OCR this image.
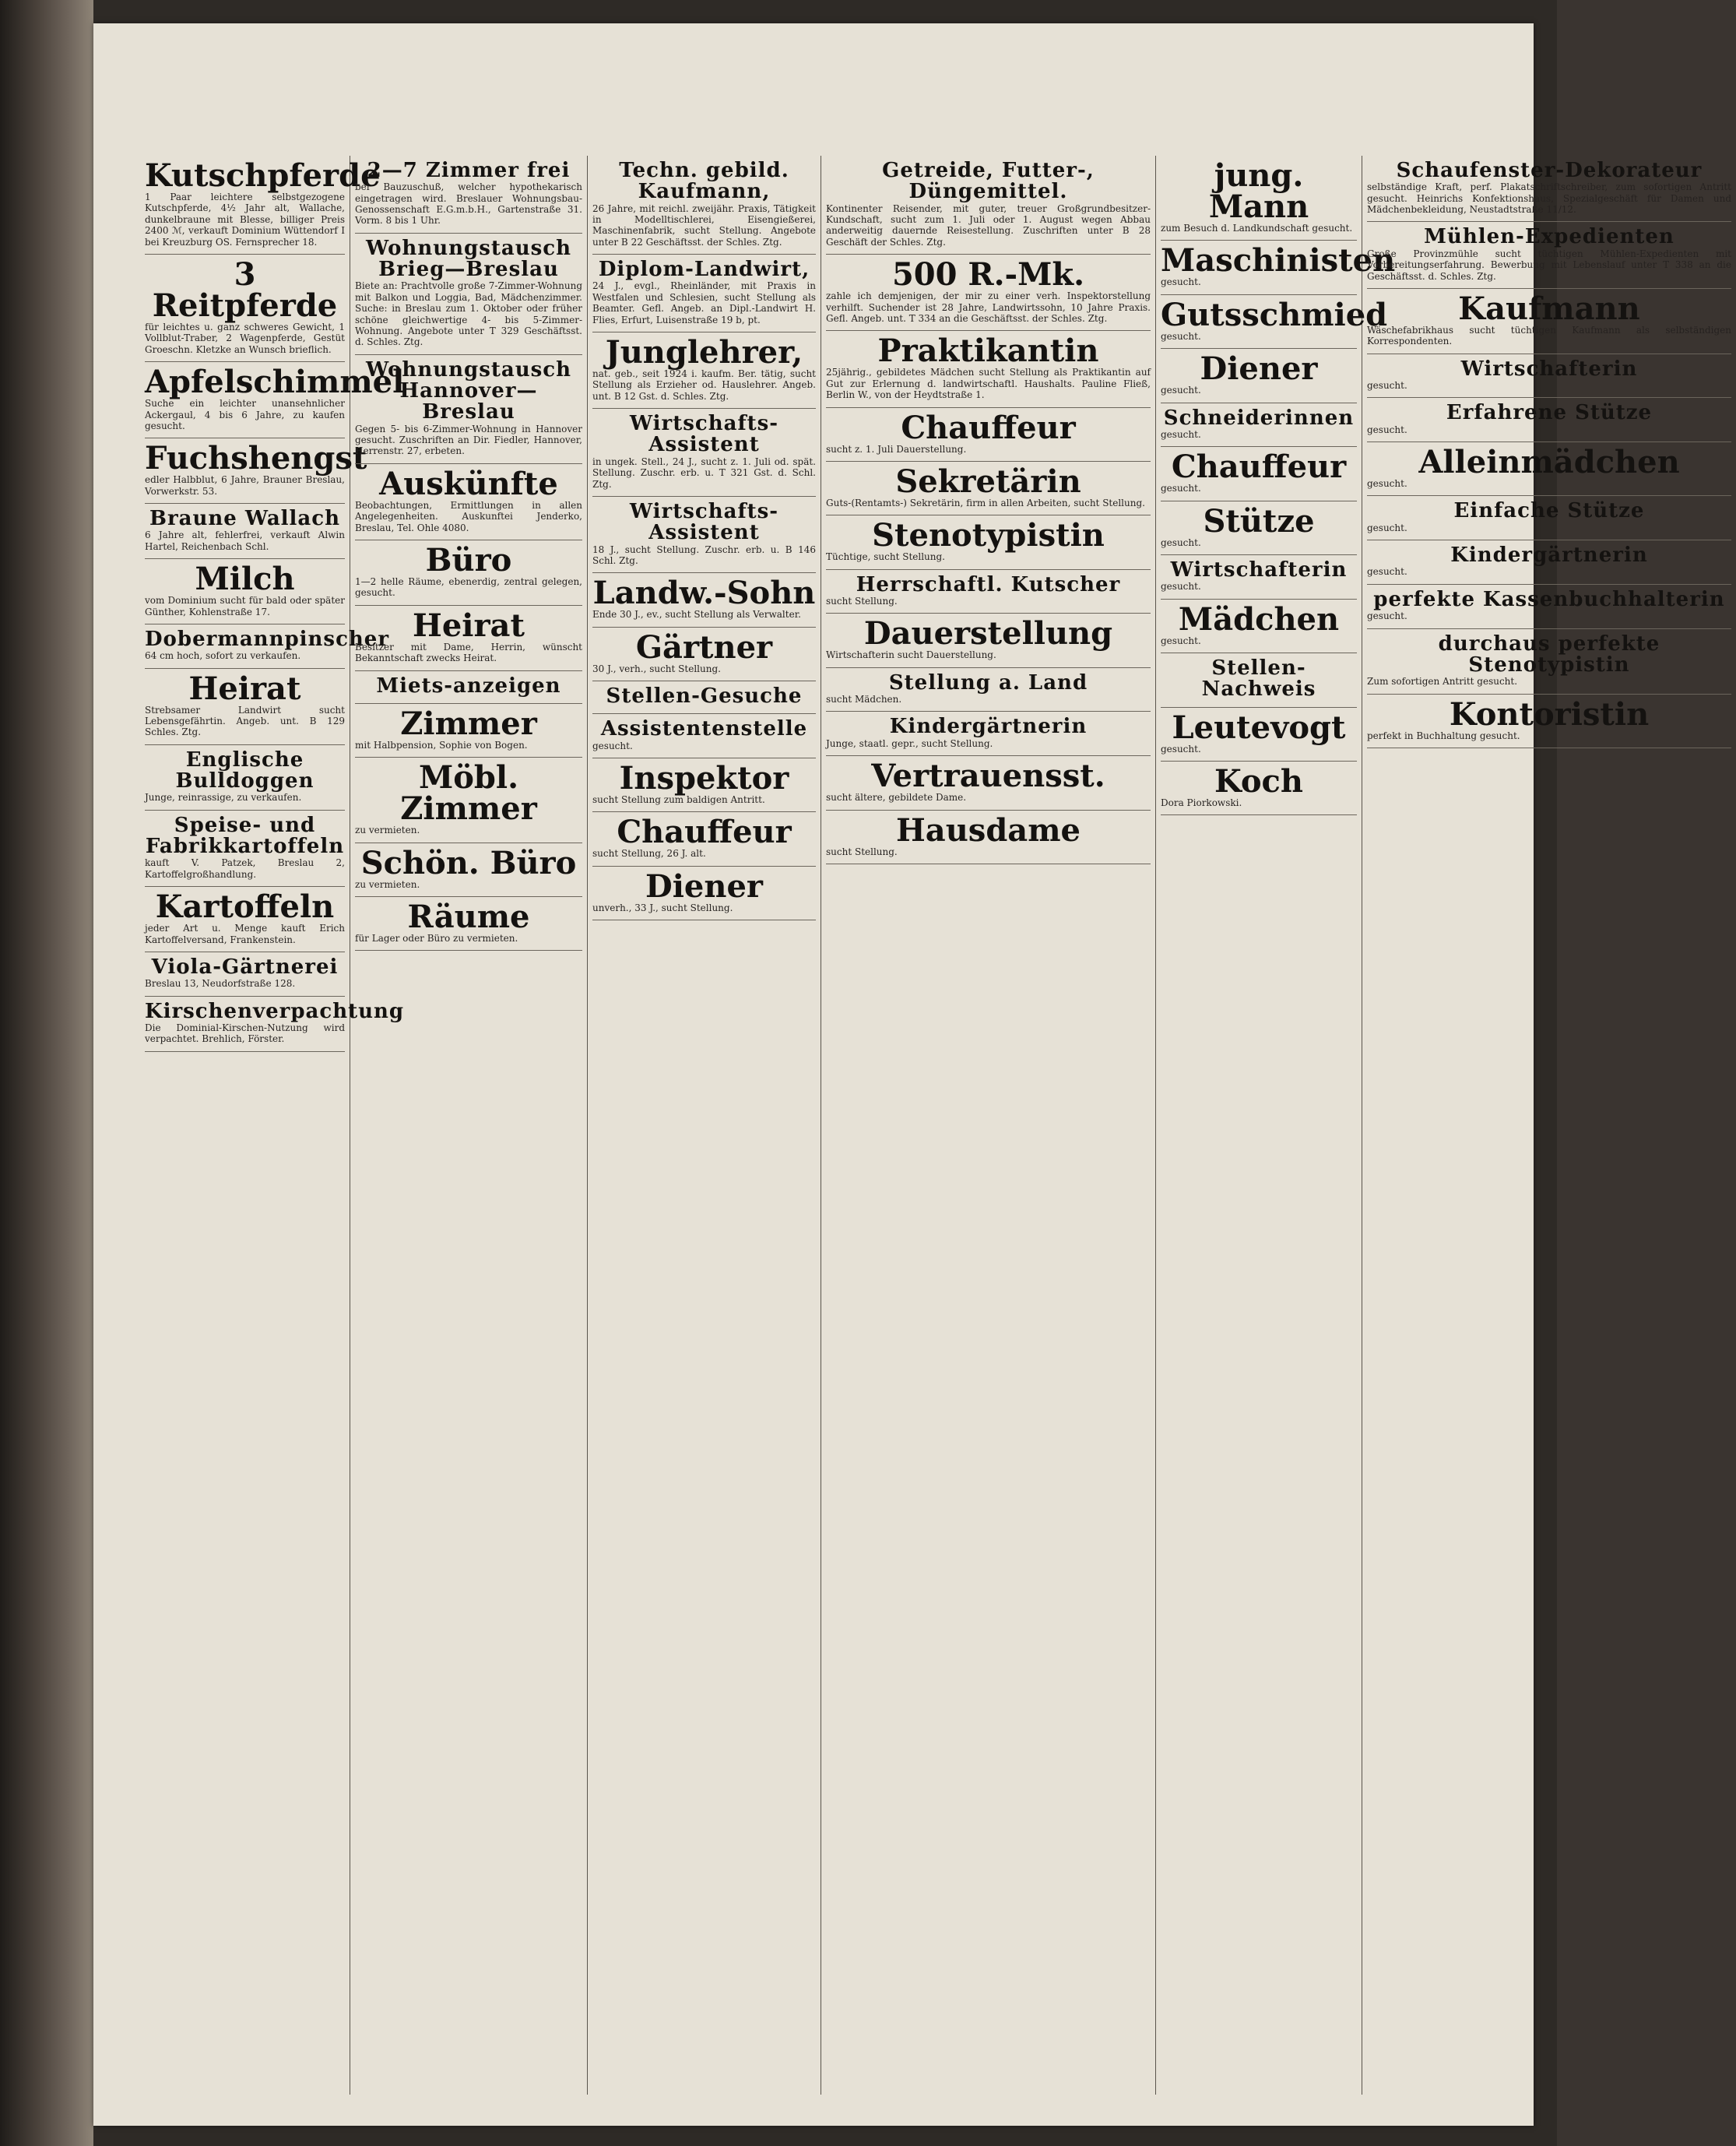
Kutschpferde
1 Paar leichtere selbstgezogene Kutschpferde, 4½ Jahr alt, Wallache, dunkelbraune mit Blesse, billiger Preis 2400 ℳ, verkauft Dominium Wüttendorf I bei Kreuzburg OS. Fernsprecher 18.
3 Reitpferde
für leichtes u. ganz schweres Gewicht, 1 Vollblut-Traber, 2 Wagenpferde, Gestüt Groeschn. Kletzke an Wunsch brieflich.
Apfelschimmel
Suche ein leichter unansehnlicher Ackergaul, 4 bis 6 Jahre, zu kaufen gesucht.
Fuchshengst
edler Halbblut, 6 Jahre, Brauner Breslau, Vorwerkstr. 53.
Braune Wallach
6 Jahre alt, fehlerfrei, verkauft Alwin Hartel, Reichenbach Schl.
Milch
vom Dominium sucht für bald oder später Günther, Kohlenstraße 17.
Dobermannpinscher
64 cm hoch, sofort zu verkaufen.
Heirat
Strebsamer Landwirt sucht Lebensgefährtin. Angeb. unt. B 129 Schles. Ztg.
Englische Bulldoggen
Junge, reinrassige, zu verkaufen.
Speise- und Fabrikkartoffeln
kauft V. Patzek, Breslau 2, Kartoffelgroßhandlung.
Kartoffeln
jeder Art u. Menge kauft Erich Kartoffelversand, Frankenstein.
Viola-Gärtnerei
Breslau 13, Neudorfstraße 128.
Kirschenverpachtung
Die Dominial-Kirschen-Nutzung wird verpachtet. Brehlich, Förster.
2—7 Zimmer frei
bei Bauzuschuß, welcher hypothekarisch eingetragen wird. Breslauer Wohnungsbau-Genossenschaft E.G.m.b.H., Gartenstraße 31. Vorm. 8 bis 1 Uhr.
Wohnungstausch Brieg—Breslau
Biete an: Prachtvolle große 7-Zimmer-Wohnung mit Balkon und Loggia, Bad, Mädchenzimmer. Suche: in Breslau zum 1. Oktober oder früher schöne gleichwertige 4- bis 5-Zimmer-Wohnung. Angebote unter T 329 Geschäftsst. d. Schles. Ztg.
Wohnungstausch Hannover—Breslau
Gegen 5- bis 6-Zimmer-Wohnung in Hannover gesucht. Zuschriften an Dir. Fiedler, Hannover, Herrenstr. 27, erbeten.
Auskünfte
Beobachtungen, Ermittlungen in allen Angelegenheiten. Auskunftei Jenderko, Breslau, Tel. Ohle 4080.
Büro
1—2 helle Räume, ebenerdig, zentral gelegen, gesucht.
Heirat
Besitzer mit Dame, Herrin, wünscht Bekanntschaft zwecks Heirat.
Miets-anzeigen
Zimmer
mit Halbpension, Sophie von Bogen.
Möbl. Zimmer
zu vermieten.
Schön. Büro
zu vermieten.
Räume
für Lager oder Büro zu vermieten.
Techn. gebild. Kaufmann,
26 Jahre, mit reichl. zweijähr. Praxis, Tätigkeit in Modelltischlerei, Eisengießerei, Maschinenfabrik, sucht Stellung. Angebote unter B 22 Geschäftsst. der Schles. Ztg.
Diplom-Landwirt,
24 J., evgl., Rheinländer, mit Praxis in Westfalen und Schlesien, sucht Stellung als Beamter. Gefl. Angeb. an Dipl.-Landwirt H. Flies, Erfurt, Luisenstraße 19 b, pt.
Junglehrer,
nat. geb., seit 1924 i. kaufm. Ber. tätig, sucht Stellung als Erzieher od. Hauslehrer. Angeb. unt. B 12 Gst. d. Schles. Ztg.
Wirtschafts-Assistent
in ungek. Stell., 24 J., sucht z. 1. Juli od. spät. Stellung. Zuschr. erb. u. T 321 Gst. d. Schl. Ztg.
Wirtschafts-Assistent
18 J., sucht Stellung. Zuschr. erb. u. B 146 Schl. Ztg.
Landw.-Sohn
Ende 30 J., ev., sucht Stellung als Verwalter.
Gärtner
30 J., verh., sucht Stellung.
Stellen-Gesuche
Assistentenstelle
gesucht.
Inspektor
sucht Stellung zum baldigen Antritt.
Chauffeur
sucht Stellung, 26 J. alt.
Diener
unverh., 33 J., sucht Stellung.
Getreide, Futter-, Düngemittel.
Kontinenter Reisender, mit guter, treuer Großgrundbesitzer-Kundschaft, sucht zum 1. Juli oder 1. August wegen Abbau anderweitig dauernde Reisestellung. Zuschriften unter B 28 Geschäft der Schles. Ztg.
500 R.-Mk.
zahle ich demjenigen, der mir zu einer verh. Inspektorstellung verhilft. Suchender ist 28 Jahre, Landwirtssohn, 10 Jahre Praxis. Gefl. Angeb. unt. T 334 an die Geschäftsst. der Schles. Ztg.
Praktikantin
25jährig., gebildetes Mädchen sucht Stellung als Praktikantin auf Gut zur Erlernung d. landwirtschaftl. Haushalts. Pauline Fließ, Berlin W., von der Heydtstraße 1.
Chauffeur
sucht z. 1. Juli Dauerstellung.
Sekretärin
Guts-(Rentamts-) Sekretärin, firm in allen Arbeiten, sucht Stellung.
Stenotypistin
Tüchtige, sucht Stellung.
Herrschaftl. Kutscher
sucht Stellung.
Dauerstellung
Wirtschafterin sucht Dauerstellung.
Stellung a. Land
sucht Mädchen.
Kindergärtnerin
Junge, staatl. gepr., sucht Stellung.
Vertrauensst.
sucht ältere, gebildete Dame.
Hausdame
sucht Stellung.
jung. Mann
zum Besuch d. Landkundschaft gesucht.
Maschinisten
gesucht.
Gutsschmied
gesucht.
Diener
gesucht.
Schneiderinnen
gesucht.
Chauffeur
gesucht.
Stütze
gesucht.
Wirtschafterin
gesucht.
Mädchen
gesucht.
Stellen-Nachweis
Leutevogt
gesucht.
Koch
Dora Piorkowski.
Schaufenster-Dekorateur
selbständige Kraft, perf. Plakatschriftschreiber, zum sofortigen Antritt gesucht. Heinrichs Konfektionshaus, Spezialgeschäft für Damen und Mädchenbekleidung, Neustadtstraße 11/12.
Mühlen-Expedienten
Große Provinzmühle sucht tüchtigen Mühlen-Expedienten mit Vorbereitungserfahrung. Bewerbung mit Lebenslauf unter T 338 an die Geschäftsst. d. Schles. Ztg.
Kaufmann
Wäschefabrikhaus sucht tüchtigen Kaufmann als selbständigen Korrespondenten.
Wirtschafterin
gesucht.
Erfahrene Stütze
gesucht.
Alleinmädchen
gesucht.
Einfache Stütze
gesucht.
Kindergärtnerin
gesucht.
perfekte Kassenbuchhalterin
gesucht.
durchaus perfekte Stenotypistin
Zum sofortigen Antritt gesucht.
Kontoristin
perfekt in Buchhaltung gesucht.
